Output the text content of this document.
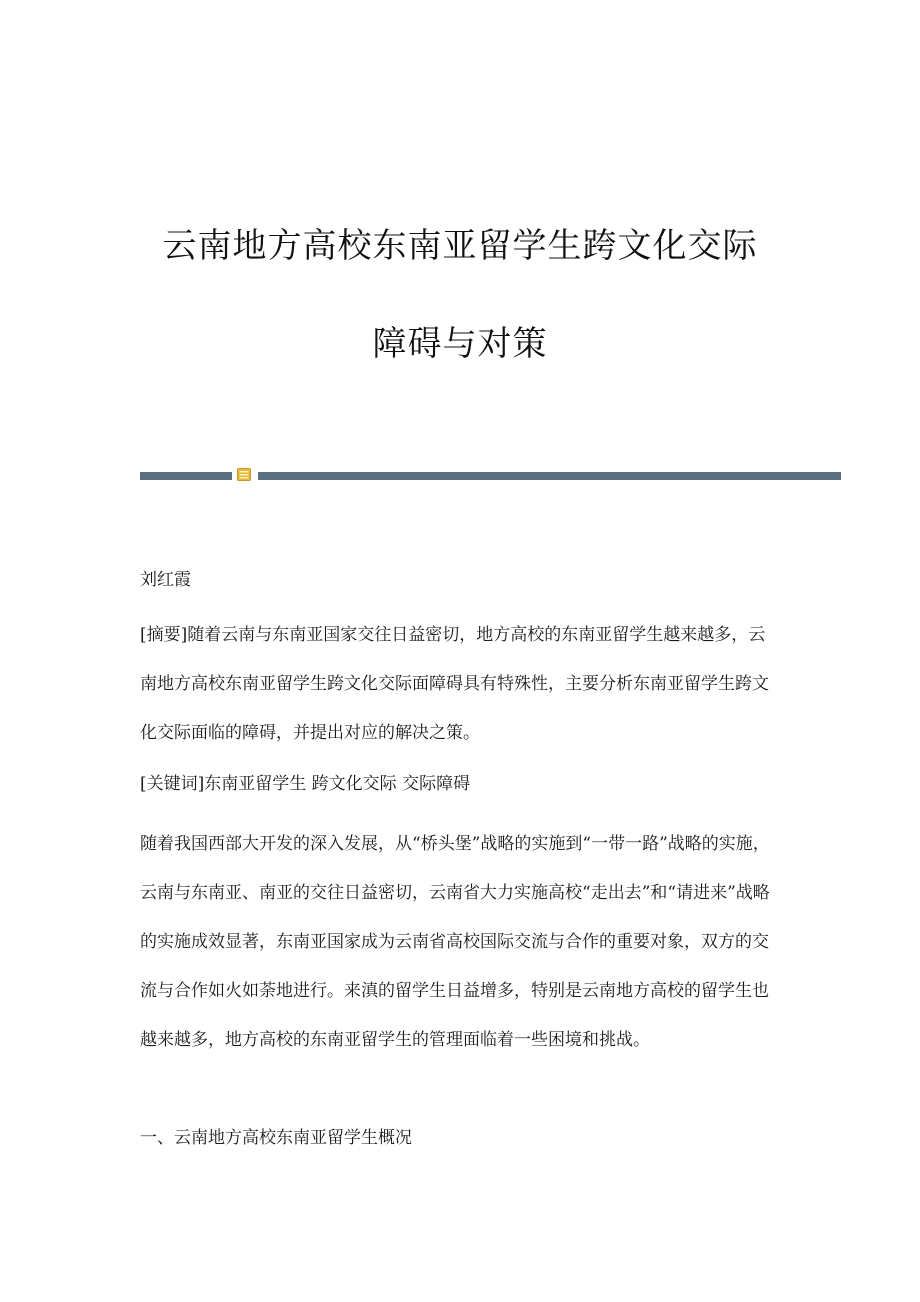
云南地方高校东南亚留学生跨文化交际
障碍与对策

刘红霞

[摘要]随着云南与东南亚国家交往日益密切，地方高校的东南亚留学生越来越多，云南地方高校东南亚留学生跨文化交际面障碍具有特殊性，主要分析东南亚留学生跨文化交际面临的障碍，并提出对应的解决之策。

[关键词]东南亚留学生 跨文化交际 交际障碍

随着我国西部大开发的深入发展，从“桥头堡”战略的实施到“一带一路”战略的实施，云南与东南亚、南亚的交往日益密切，云南省大力实施高校“走出去”和“请进来”战略的实施成效显著，东南亚国家成为云南省高校国际交流与合作的重要对象，双方的交流与合作如火如荼地进行。来滇的留学生日益增多，特别是云南地方高校的留学生也越来越多，地方高校的东南亚留学生的管理面临着一些困境和挑战。

一、云南地方高校东南亚留学生概况
